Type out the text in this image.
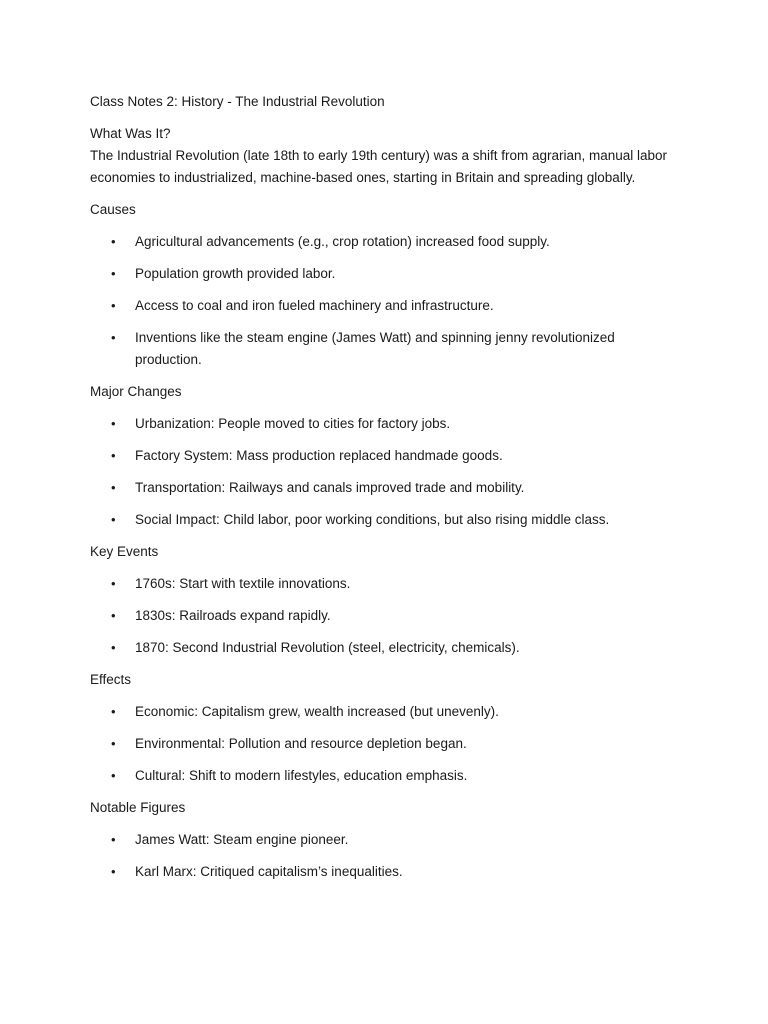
Class Notes 2: History - The Industrial Revolution

What Was It?

The Industrial Revolution (late 18th to early 19th century) was a shift from agrarian, manual labor economies to industrialized, machine-based ones, starting in Britain and spreading globally.

Causes

• Agricultural advancements (e.g., crop rotation) increased food supply.
• Population growth provided labor.
• Access to coal and iron fueled machinery and infrastructure.
• Inventions like the steam engine (James Watt) and spinning jenny revolutionized production.

Major Changes

• Urbanization: People moved to cities for factory jobs.
• Factory System: Mass production replaced handmade goods.
• Transportation: Railways and canals improved trade and mobility.
• Social Impact: Child labor, poor working conditions, but also rising middle class.

Key Events

• 1760s: Start with textile innovations.
• 1830s: Railroads expand rapidly.
• 1870: Second Industrial Revolution (steel, electricity, chemicals).

Effects

• Economic: Capitalism grew, wealth increased (but unevenly).
• Environmental: Pollution and resource depletion began.
• Cultural: Shift to modern lifestyles, education emphasis.

Notable Figures

• James Watt: Steam engine pioneer.
• Karl Marx: Critiqued capitalism’s inequalities.
